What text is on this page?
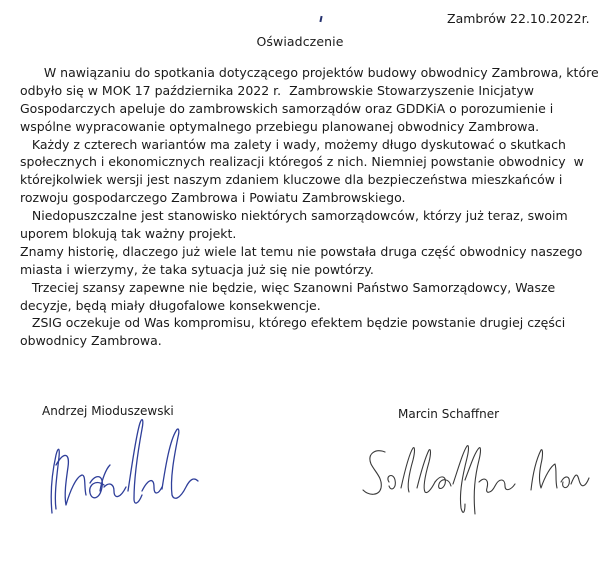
Zambrów 22.10.2022r.
Oświadczenie
W nawiązaniu do spotkania dotyczącego projektów budowy obwodnicy Zambrowa, które
odbyło się w MOK 17 października 2022 r.  Zambrowskie Stowarzyszenie Inicjatyw
Gospodarczych apeluje do zambrowskich samorządów oraz GDDKiA o porozumienie i
wspólne wypracowanie optymalnego przebiegu planowanej obwodnicy Zambrowa.
Każdy z czterech wariantów ma zalety i wady, możemy długo dyskutować o skutkach
społecznych i ekonomicznych realizacji któregoś z nich. Niemniej powstanie obwodnicy  w
którejkolwiek wersji jest naszym zdaniem kluczowe dla bezpieczeństwa mieszkańców i
rozwoju gospodarczego Zambrowa i Powiatu Zambrowskiego.
Niedopuszczalne jest stanowisko niektórych samorządowców, którzy już teraz, swoim
uporem blokują tak ważny projekt.
Znamy historię, dlaczego już wiele lat temu nie powstała druga część obwodnicy naszego
miasta i wierzymy, że taka sytuacja już się nie powtórzy.
Trzeciej szansy zapewne nie będzie, więc Szanowni Państwo Samorządowcy, Wasze
decyzje, będą miały długofalowe konsekwencje.
ZSIG oczekuje od Was kompromisu, którego efektem będzie powstanie drugiej części
obwodnicy Zambrowa.
Andrzej Mioduszewski	Marcin Schaffner
